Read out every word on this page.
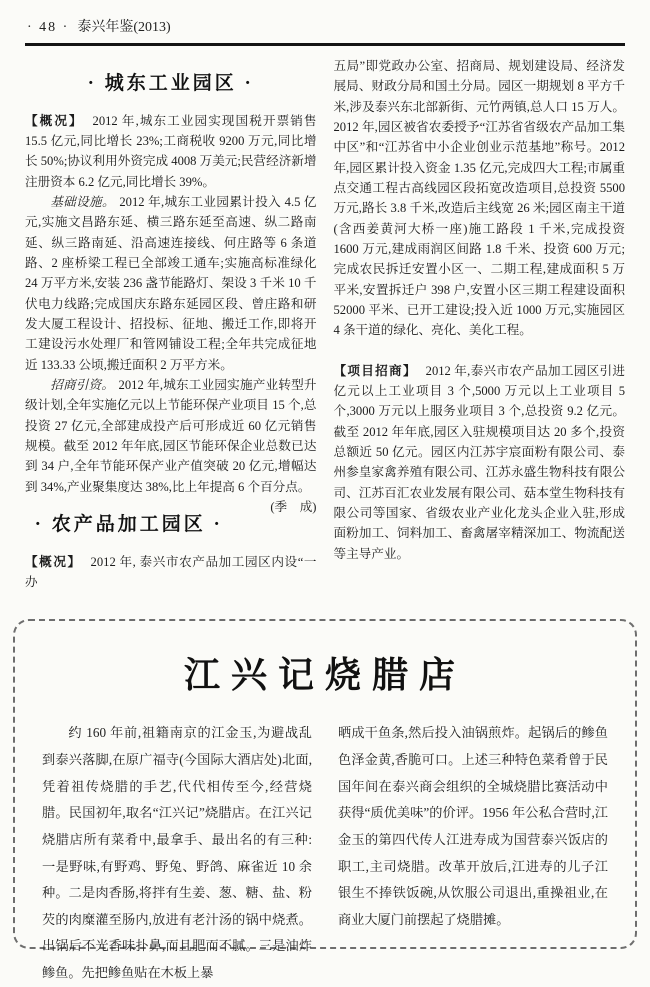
· 48 · 泰兴年鉴(2013)
· 城东工业园区 ·

【概况】 2012 年,城东工业园实现国税开票销售 15.5 亿元,同比增长 23%;工商税收 9200 万元,同比增长 50%;协议利用外资完成 4008 万美元;民营经济新增注册资本 6.2 亿元,同比增长 39%。

基础设施。 2012 年,城东工业园累计投入 4.5 亿元,实施文昌路东延、横三路东延至高速、纵二路南延、纵三路南延、沿高速连接线、何庄路等 6 条道路、2 座桥梁工程已全部竣工通车;实施高标准绿化 24 万平方米,安装 236 盏节能路灯、架设 3 千米 10 千伏电力线路;完成国庆东路东延园区段、曾庄路和研发大厦工程设计、招投标、征地、搬迁工作,即将开工建设污水处理厂和管网铺设工程;全年共完成征地近 133.33 公顷,搬迁面积 2 万平方米。

招商引资。 2012 年,城东工业园实施产业转型升级计划,全年实施亿元以上节能环保产业项目 15 个,总投资 27 亿元,全部建成投产后可形成近 60 亿元销售规模。截至 2012 年年底,园区节能环保企业总数已达到 34 户,全年节能环保产业产值突破 20 亿元,增幅达到 34%,产业聚集度达 38%,比上年提高 6 个百分点。
(季　成)

· 农产品加工园区 ·

【概况】 2012 年, 泰兴市农产品加工园区内设“一办

五局”即党政办公室、招商局、规划建设局、经济发展局、财政分局和国土分局。园区一期规划 8 平方千米,涉及泰兴东北部新街、元竹两镇,总人口 15 万人。2012 年,园区被省农委授予“江苏省省级农产品加工集中区”和“江苏省中小企业创业示范基地”称号。2012 年,园区累计投入资金 1.35 亿元,完成四大工程;市属重点交通工程古高线园区段拓宽改造项目,总投资 5500 万元,路长 3.8 千米,改造后主线宽 26 米;园区南主干道(含西姜黄河大桥一座)施工路段 1 千米,完成投资 1600 万元,建成雨润区间路 1.8 千米、投资 600 万元;完成农民拆迁安置小区一、二期工程,建成面积 5 万平米,安置拆迁户 398 户,安置小区三期工程建设面积 52000 平米、已开工建设;投入近 1000 万元,实施园区 4 条干道的绿化、亮化、美化工程。

【项目招商】 2012 年,泰兴市农产品加工园区引进亿元以上工业项目 3 个,5000 万元以上工业项目 5 个,3000 万元以上服务业项目 3 个,总投资 9.2 亿元。截至 2012 年年底,园区入驻规模项目达 20 多个,投资总额近 50 亿元。园区内江苏宇宸面粉有限公司、泰州参皇家禽养殖有限公司、江苏永盛生物科技有限公司、江苏百汇农业发展有限公司、菇本堂生物科技有限公司等国家、省级农业产业化龙头企业入驻,形成面粉加工、饲料加工、畜禽屠宰精深加工、物流配送等主导产业。

江兴记烧腊店

约 160 年前,祖籍南京的江金玉,为避战乱到泰兴落脚,在原广福寺(今国际大酒店处)北面,凭着祖传烧腊的手艺,代代相传至今,经营烧腊。民国初年,取名“江兴记”烧腊店。在江兴记烧腊店所有菜肴中,最拿手、最出名的有三种:一是野味,有野鸡、野兔、野鸽、麻雀近 10 余种。二是肉香肠,将拌有生姜、葱、糖、盐、粉芡的肉糜灌至肠内,放进有老汁汤的锅中烧煮。出锅后不光香味扑鼻,而且肥而不腻。三是油炸鲹鱼。先把鲹鱼贴在木板上暴

晒成干鱼条,然后投入油锅煎炸。起锅后的鲹鱼色泽金黄,香脆可口。上述三种特色菜肴曾于民国年间在泰兴商会组织的全城烧腊比赛活动中获得“质优美味”的价评。1956 年公私合营时,江金玉的第四代传人江进寿成为国营泰兴饭店的职工,主司烧腊。改革开放后,江进寿的儿子江银生不捧铁饭碗,从饮服公司退出,重操祖业,在商业大厦门前摆起了烧腊摊。
